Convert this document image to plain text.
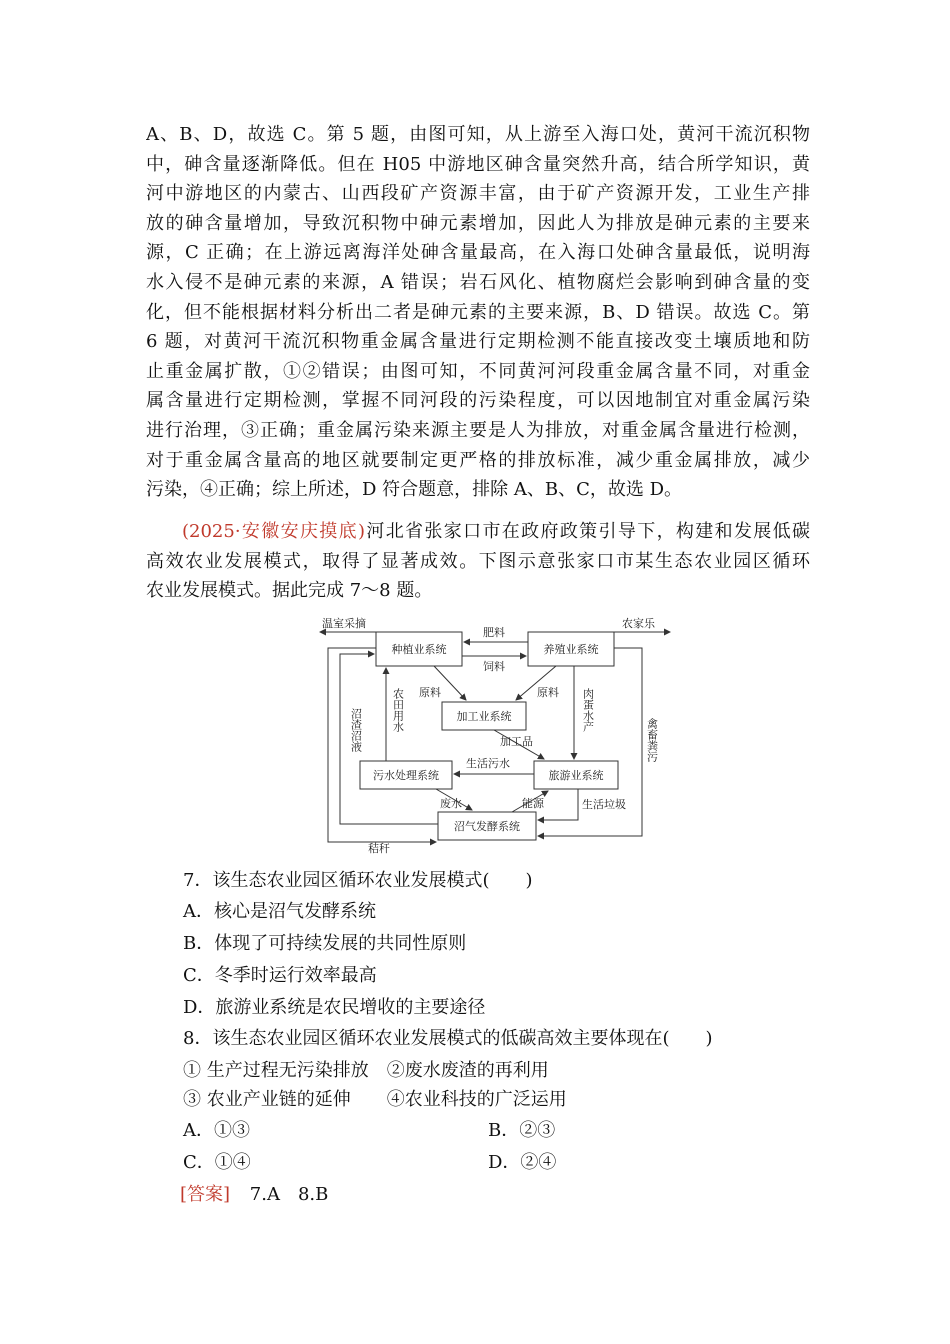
A、B、D，故选 C。第 5 题，由图可知，从上游至入海口处，黄河干流沉积物
中，砷含量逐渐降低。但在 H05 中游地区砷含量突然升高，结合所学知识，黄
河中游地区的内蒙古、山西段矿产资源丰富，由于矿产资源开发，工业生产排
放的砷含量增加，导致沉积物中砷元素增加，因此人为排放是砷元素的主要来
源，C 正确；在上游远离海洋处砷含量最高，在入海口处砷含量最低，说明海
水入侵不是砷元素的来源，A 错误；岩石风化、植物腐烂会影响到砷含量的变
化，但不能根据材料分析出二者是砷元素的主要来源，B、D 错误。故选 C。第
6 题，对黄河干流沉积物重金属含量进行定期检测不能直接改变土壤质地和防
止重金属扩散，①②错误；由图可知，不同黄河河段重金属含量不同，对重金
属含量进行定期检测，掌握不同河段的污染程度，可以因地制宜对重金属污染
进行治理，③正确；重金属污染来源主要是人为排放，对重金属含量进行检测，
对于重金属含量高的地区就要制定更严格的排放标准，减少重金属排放，减少
污染，④正确；综上所述，D 符合题意，排除 A、B、C，故选 D。
(2025·安徽安庆摸底)河北省张家口市在政府政策引导下，构建和发展低碳
高效农业发展模式，取得了显著成效。下图示意张家口市某生态农业园区循环
农业发展模式。据此完成 7～8 题。
种植业系统	养殖业系统
加工业系统
污水处理系统	旅游业系统
沼气发酵系统
温室采摘	农家乐
肥料
饲料
原料	原料
加工品
生活污水
废水	能源	生活垃圾
秸秆
农田用水
沼渣沼液	肉蛋水产
禽畜粪污
7．该生态农业园区循环农业发展模式(　　)
A．核心是沼气发酵系统
B．体现了可持续发展的共同性原则
C．冬季时运行效率最高
D．旅游业系统是农民增收的主要途径
8．该生态农业园区循环农业发展模式的低碳高效主要体现在(　　)
① 生产过程无污染排放　②废水废渣的再利用
③ 农业产业链的延伸　　④农业科技的广泛运用
A．①③	B．②③
C．①④	D．②④
[答案] 7.A　8.B
